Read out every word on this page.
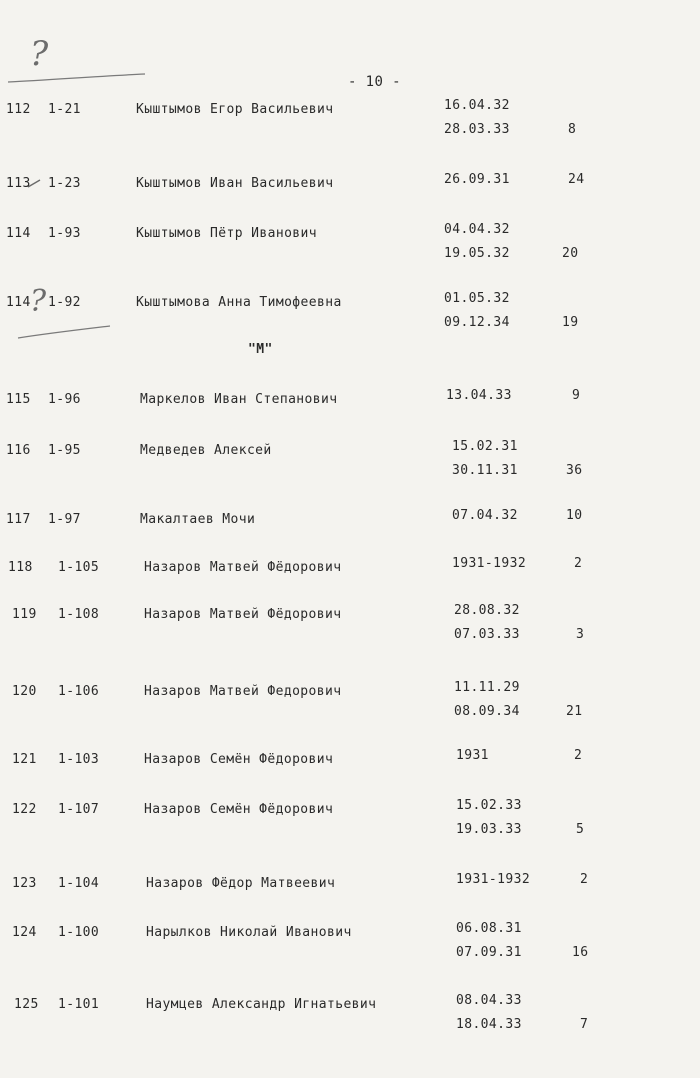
?
?
- 10 -
"М"
112 1-21	Кыштымов Егор Васильевич	16.04.32
28.03.33	8
113 1-23	Кыштымов Иван Васильевич	26.09.31	24
114 1-93	Кыштымов Пётр Иванович	04.04.32
19.05.32	20
114 1-92	Кыштымова Анна Тимофеевна	01.05.32
09.12.34	19
115 1-96	Маркелов Иван Степанович	13.04.33	9
116 1-95	Медведев Алексей	15.02.31
30.11.31	36
117 1-97	Макалтаев Мочи	07.04.32	10
118 1-105	Назаров Матвей Фёдорович	1931-1932	2
119 1-108	Назаров Матвей Фёдорович	28.08.32
07.03.33	3
120 1-106	Назаров Матвей Федорович	11.11.29
08.09.34	21
121 1-103	Назаров Семён Фёдорович	1931	2
122 1-107	Назаров Семён Фёдорович	15.02.33
19.03.33	5
123 1-104	Назаров Фёдор Матвеевич	1931-1932	2
124 1-100	Нарылков Николай Иванович	06.08.31
07.09.31	16
125 1-101	Наумцев Александр Игнатьевич	08.04.33
18.04.33	7
